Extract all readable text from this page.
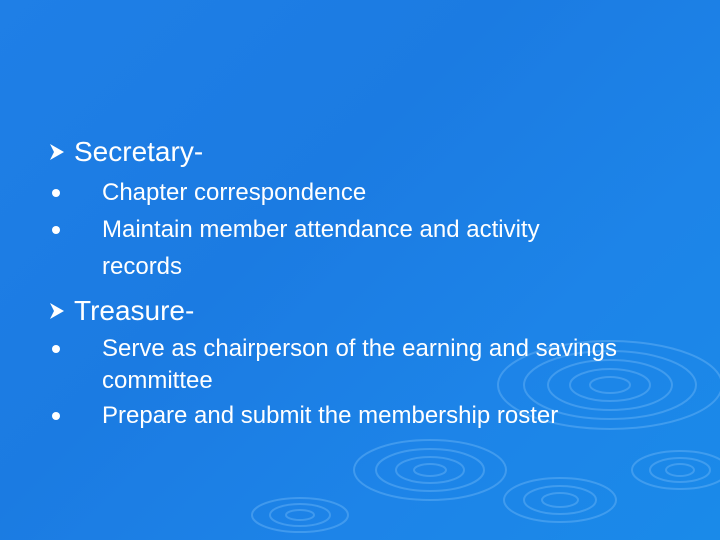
Secretary-
Chapter correspondence
Maintain member attendance and activity records
Treasure-
Serve as chairperson of the earning and savings committee
Prepare and submit the membership roster
